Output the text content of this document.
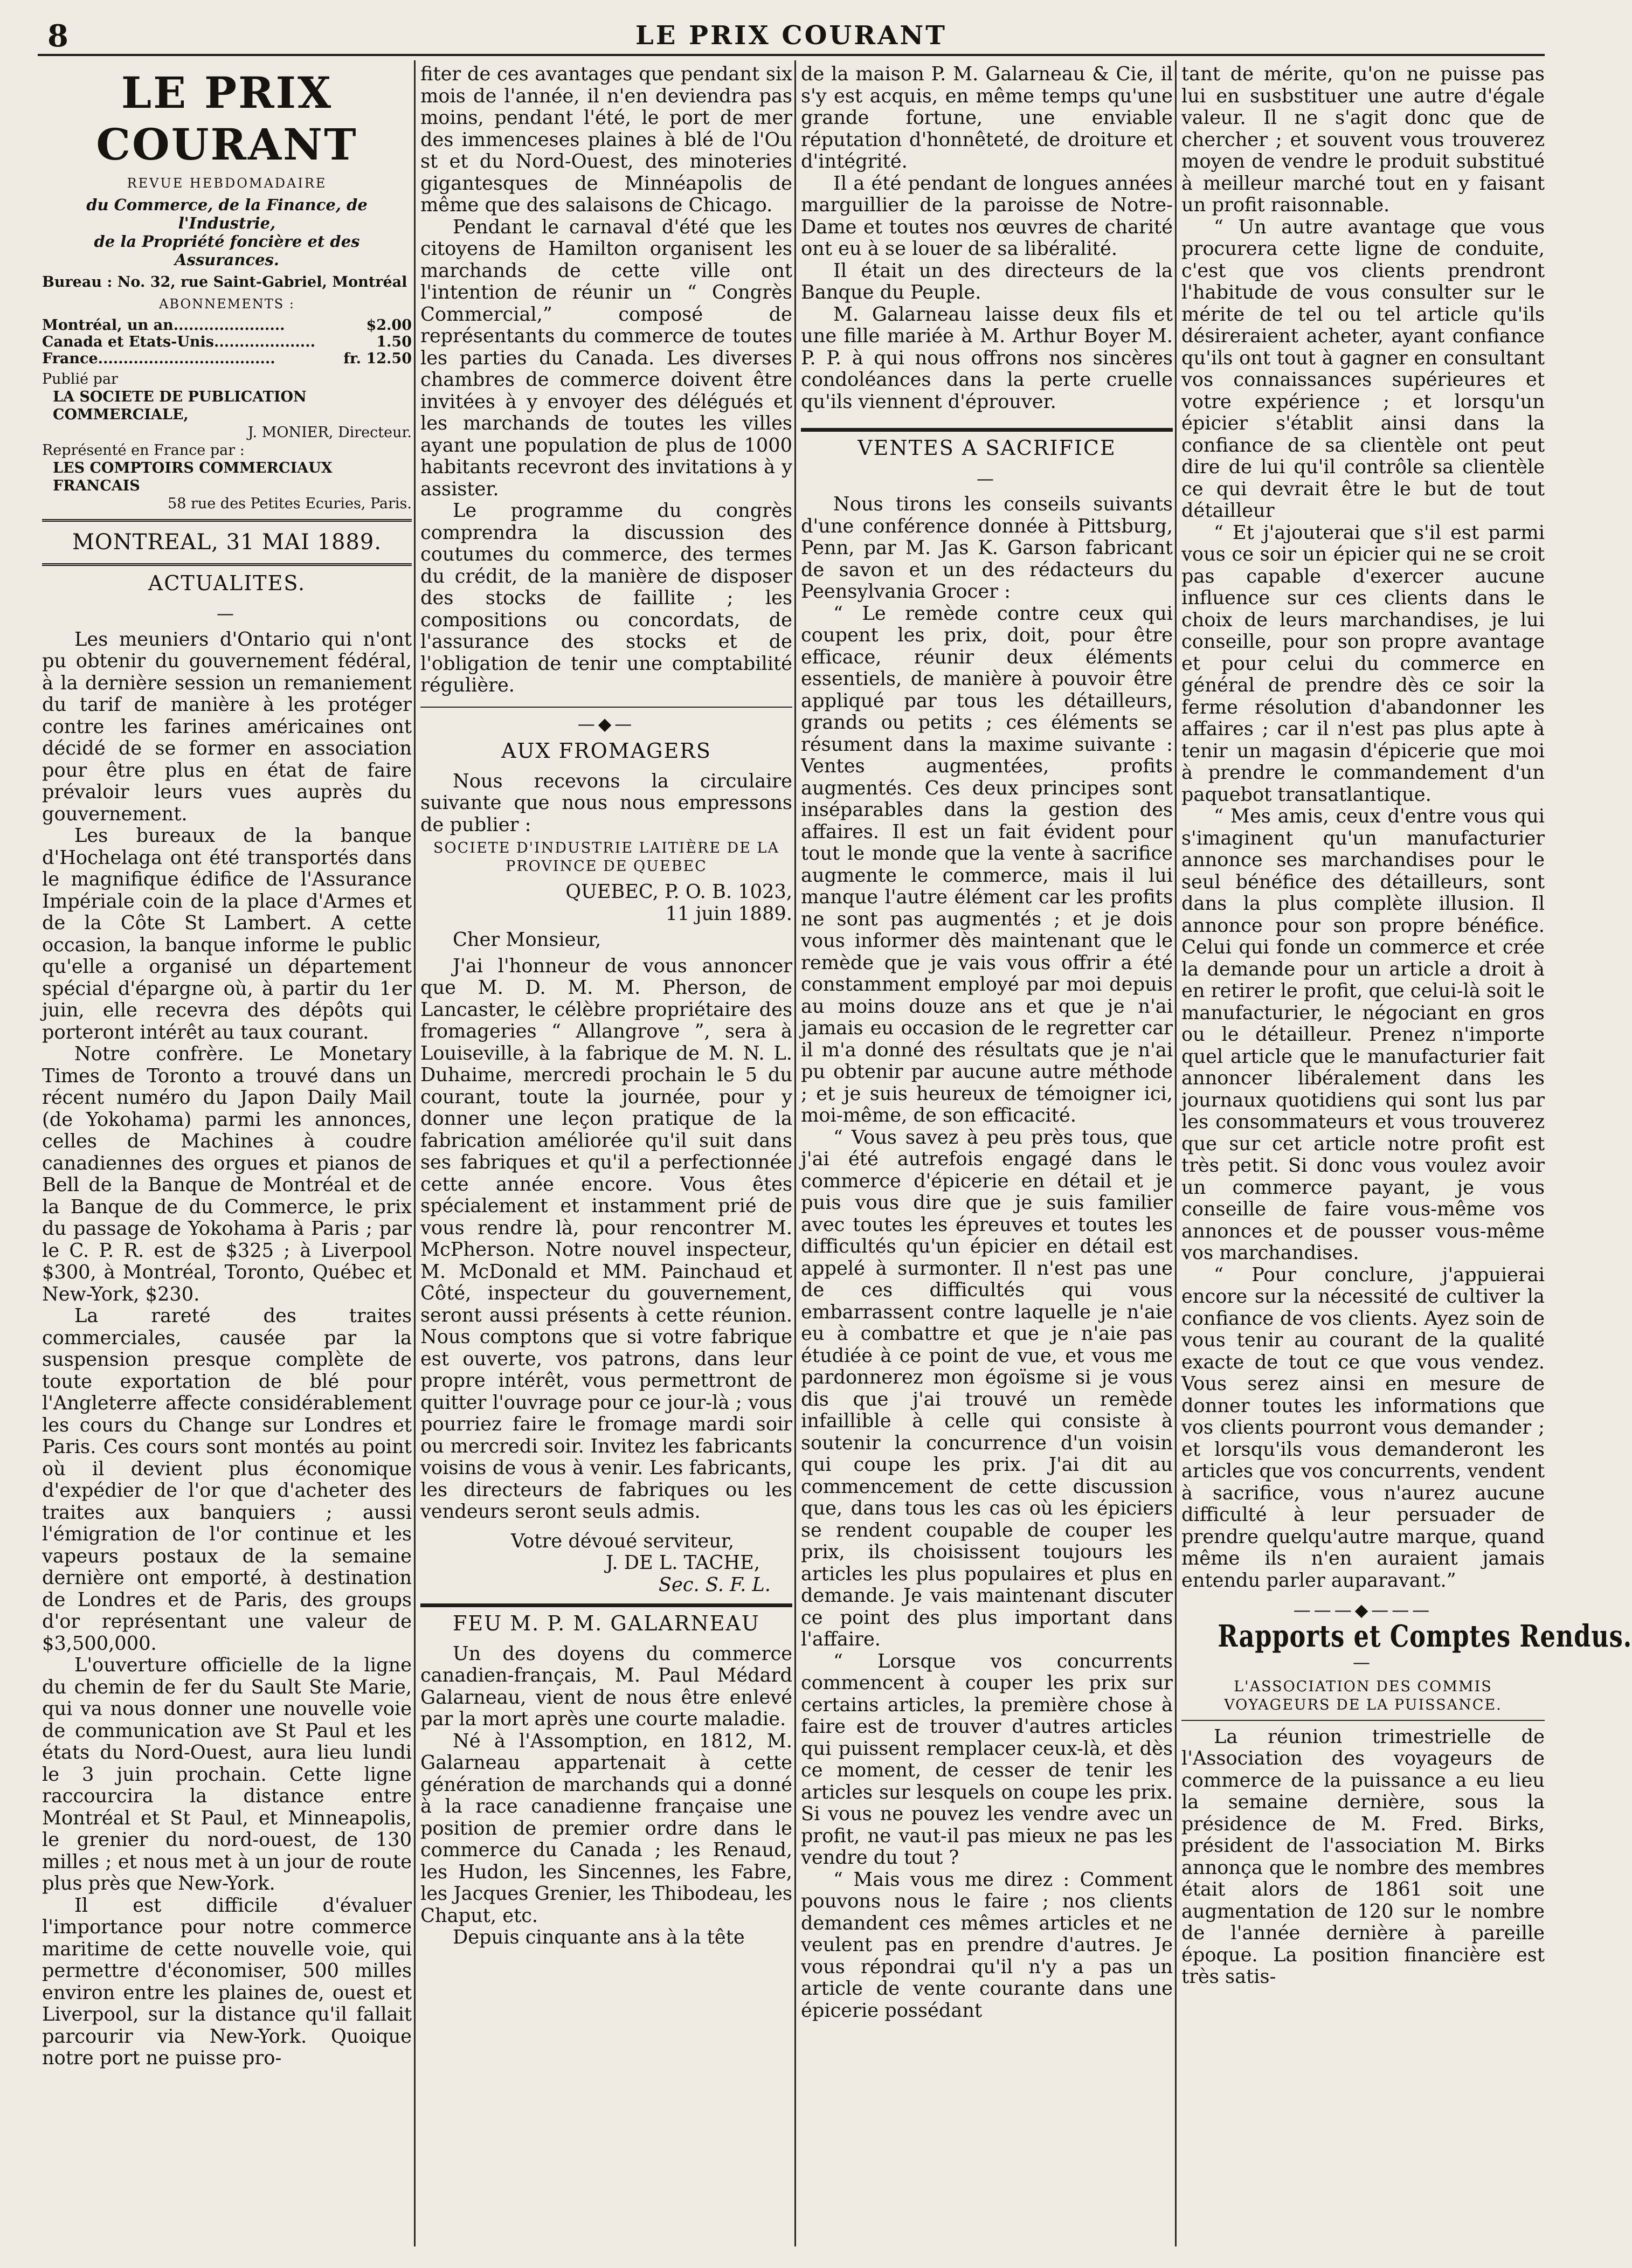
8	LE PRIX COURANT
LE PRIX COURANT
REVUE HEBDOMADAIRE
du Commerce, de la Finance, de l'Industrie,
de la Propriété foncière et des Assurances.

Bureau : No. 32, rue Saint-Gabriel, Montréal

ABONNEMENTS :
Montréal, un an......................	$2.00
Canada et Etats-Unis....................	1.50
France...................................	fr. 12.50

Publié par

LA SOCIETE DE PUBLICATION COMMERCIALE,

J. MONIER, Directeur.

Représenté en France par :

LES COMPTOIRS COMMERCIAUX FRANCAIS

58 rue des Petites Ecuries, Paris.

MONTREAL, 31 MAI 1889.
ACTUALITES.
—

Les meuniers d'Ontario qui n'ont pu obtenir du gouvernement fédéral, à la dernière session un remaniement du tarif de manière à les protéger contre les farines américaines ont décidé de se former en association pour être plus en état de faire prévaloir leurs vues auprès du gouvernement.

Les bureaux de la banque d'Hochelaga ont été transportés dans le magnifique édifice de l'Assurance Impériale coin de la place d'Armes et de la Côte St Lambert. A cette occasion, la banque informe le public qu'elle a organisé un département spécial d'épargne où, à partir du 1er juin, elle recevra des dépôts qui porteront intérêt au taux courant.

Notre confrère. Le Monetary Times de Toronto a trouvé dans un récent numéro du Japon Daily Mail (de Yokohama) parmi les annonces, celles de Machines à coudre canadiennes des orgues et pianos de Bell de la Banque de Montréal et de la Banque de du Commerce, le prix du passage de Yokohama à Paris ; par le C. P. R. est de $325 ; à Liverpool $300, à Montréal, Toronto, Québec et New-York, $230.

La rareté des traites commerciales, causée par la suspension presque complète de toute exportation de blé pour l'Angleterre affecte considérablement les cours du Change sur Londres et Paris. Ces cours sont montés au point où il devient plus économique d'expédier de l'or que d'acheter des traites aux banquiers ; aussi l'émigration de l'or continue et les vapeurs postaux de la semaine dernière ont emporté, à destination de Londres et de Paris, des groups d'or représentant une valeur de $3,500,000.

L'ouverture officielle de la ligne du chemin de fer du Sault Ste Marie, qui va nous donner une nouvelle voie de communication ave St Paul et les états du Nord-Ouest, aura lieu lundi le 3 juin prochain. Cette ligne raccourcira la distance entre Montréal et St Paul, et Minneapolis, le grenier du nord-ouest, de 130 milles ; et nous met à un jour de route plus près que New-York.

Il est difficile d'évaluer l'importance pour notre commerce maritime de cette nouvelle voie, qui permettre d'économiser, 500 milles environ entre les plaines de, ouest et Liverpool, sur la distance qu'il fallait parcourir via New-York. Quoique notre port ne puisse pro-

fiter de ces avantages que pendant six mois de l'année, il n'en deviendra pas moins, pendant l'été, le port de mer des immenceses plaines à blé de l'Ou st et du Nord-Ouest, des minoteries gigantesques de Minnéapolis de même que des salaisons de Chicago.

Pendant le carnaval d'été que les citoyens de Hamilton organisent les marchands de cette ville ont l'intention de réunir un “ Congrès Commercial,” composé de représentants du commerce de toutes les parties du Canada. Les diverses chambres de commerce doivent être invitées à y envoyer des délégués et les marchands de toutes les villes ayant une population de plus de 1000 habitants recevront des invitations à y assister.

Le programme du congrès comprendra la discussion des coutumes du commerce, des termes du crédit, de la manière de disposer des stocks de faillite ; les compositions ou concordats, de l'assurance des stocks et de l'obligation de tenir une comptabilité régulière.

—◆—
AUX FROMAGERS

Nous recevons la circulaire suivante que nous nous empressons de publier :

SOCIETE D'INDUSTRIE LAITIÈRE DE LA PROVINCE DE QUEBEC

QUEBEC, P. O. B. 1023,

11 juin 1889.

Cher Monsieur,

J'ai l'honneur de vous annoncer que M. D. M. M. Pherson, de Lancaster, le célèbre propriétaire des fromageries “ Allangrove ”, sera à Louiseville, à la fabrique de M. N. L. Duhaime, mercredi prochain le 5 du courant, toute la journée, pour y donner une leçon pratique de la fabrication améliorée qu'il suit dans ses fabriques et qu'il a perfectionnée cette année encore. Vous êtes spécialement et instamment prié de vous rendre là, pour rencontrer M. McPherson. Notre nouvel inspecteur, M. McDonald et MM. Painchaud et Côté, inspecteur du gouvernement, seront aussi présents à cette réunion. Nous comptons que si votre fabrique est ouverte, vos patrons, dans leur propre intérêt, vous permettront de quitter l'ouvrage pour ce jour-là ; vous pourriez faire le fromage mardi soir ou mercredi soir. Invitez les fabricants voisins de vous à venir. Les fabricants, les directeurs de fabriques ou les vendeurs seront seuls admis.

Votre dévoué serviteur,

J. DE L. TACHE,

Sec. S. F. L.

FEU M. P. M. GALARNEAU

Un des doyens du commerce canadien-français, M. Paul Médard Galarneau, vient de nous être enlevé par la mort après une courte maladie.

Né à l'Assomption, en 1812, M. Galarneau appartenait à cette génération de marchands qui a donné à la race canadienne française une position de premier ordre dans le commerce du Canada ; les Renaud, les Hudon, les Sincennes, les Fabre, les Jacques Grenier, les Thibodeau, les Chaput, etc.

Depuis cinquante ans à la tête

de la maison P. M. Galarneau & Cie, il s'y est acquis, en même temps qu'une grande fortune, une enviable réputation d'honnêteté, de droiture et d'intégrité.

Il a été pendant de longues années marguillier de la paroisse de Notre-Dame et toutes nos œuvres de charité ont eu à se louer de sa libéralité.

Il était un des directeurs de la Banque du Peuple.

M. Galarneau laisse deux fils et une fille mariée à M. Arthur Boyer M. P. P. à qui nous offrons nos sincères condoléances dans la perte cruelle qu'ils viennent d'éprouver.

VENTES A SACRIFICE
—

Nous tirons les conseils suivants d'une conférence donnée à Pittsburg, Penn, par M. Jas K. Garson fabricant de savon et un des rédacteurs du Peensylvania Grocer :

“ Le remède contre ceux qui coupent les prix, doit, pour être efficace, réunir deux éléments essentiels, de manière à pouvoir être appliqué par tous les détailleurs, grands ou petits ; ces éléments se résument dans la maxime suivante : Ventes augmentées, profits augmentés. Ces deux principes sont inséparables dans la gestion des affaires. Il est un fait évident pour tout le monde que la vente à sacrifice augmente le commerce, mais il lui manque l'autre élément car les profits ne sont pas augmentés ; et je dois vous informer dès maintenant que le remède que je vais vous offrir a été constamment employé par moi depuis au moins douze ans et que je n'ai jamais eu occasion de le regretter car il m'a donné des résultats que je n'ai pu obtenir par aucune autre méthode ; et je suis heureux de témoigner ici, moi-même, de son efficacité.

“ Vous savez à peu près tous, que j'ai été autrefois engagé dans le commerce d'épicerie en détail et je puis vous dire que je suis familier avec toutes les épreuves et toutes les difficultés qu'un épicier en détail est appelé à surmonter. Il n'est pas une de ces difficultés qui vous embarrassent contre laquelle je n'aie eu à combattre et que je n'aie pas étudiée à ce point de vue, et vous me pardonnerez mon égoïsme si je vous dis que j'ai trouvé un remède infaillible à celle qui consiste à soutenir la concurrence d'un voisin qui coupe les prix. J'ai dit au commencement de cette discussion que, dans tous les cas où les épiciers se rendent coupable de couper les prix, ils choisissent toujours les articles les plus populaires et plus en demande. Je vais maintenant discuter ce point des plus important dans l'affaire.

“ Lorsque vos concurrents commencent à couper les prix sur certains articles, la première chose à faire est de trouver d'autres articles qui puissent remplacer ceux-là, et dès ce moment, de cesser de tenir les articles sur lesquels on coupe les prix. Si vous ne pouvez les vendre avec un profit, ne vaut-il pas mieux ne pas les vendre du tout ?

“ Mais vous me direz : Comment pouvons nous le faire ; nos clients demandent ces mêmes articles et ne veulent pas en prendre d'autres. Je vous répondrai qu'il n'y a pas un article de vente courante dans une épicerie possédant

tant de mérite, qu'on ne puisse pas lui en susbstituer une autre d'égale valeur. Il ne s'agit donc que de chercher ; et souvent vous trouverez moyen de vendre le produit substitué à meilleur marché tout en y faisant un profit raisonnable.

“ Un autre avantage que vous procurera cette ligne de conduite, c'est que vos clients prendront l'habitude de vous consulter sur le mérite de tel ou tel article qu'ils désireraient acheter, ayant confiance qu'ils ont tout à gagner en consultant vos connaissances supérieures et votre expérience ; et lorsqu'un épicier s'établit ainsi dans la confiance de sa clientèle ont peut dire de lui qu'il contrôle sa clientèle ce qui devrait être le but de tout détailleur

“ Et j'ajouterai que s'il est parmi vous ce soir un épicier qui ne se croit pas capable d'exercer aucune influence sur ces clients dans le choix de leurs marchandises, je lui conseille, pour son propre avantage et pour celui du commerce en général de prendre dès ce soir la ferme résolution d'abandonner les affaires ; car il n'est pas plus apte à tenir un magasin d'épicerie que moi à prendre le commandement d'un paquebot transatlantique.

“ Mes amis, ceux d'entre vous qui s'imaginent qu'un manufacturier annonce ses marchandises pour le seul bénéfice des détailleurs, sont dans la plus complète illusion. Il annonce pour son propre bénéfice. Celui qui fonde un commerce et crée la demande pour un article a droit à en retirer le profit, que celui-là soit le manufacturier, le négociant en gros ou le détailleur. Prenez n'importe quel article que le manufacturier fait annoncer libéralement dans les journaux quotidiens qui sont lus par les consommateurs et vous trouverez que sur cet article notre profit est très petit. Si donc vous voulez avoir un commerce payant, je vous conseille de faire vous-même vos annonces et de pousser vous-même vos marchandises.

“ Pour conclure, j'appuierai encore sur la nécessité de cultiver la confiance de vos clients. Ayez soin de vous tenir au courant de la qualité exacte de tout ce que vous vendez. Vous serez ainsi en mesure de donner toutes les informations que vos clients pourront vous demander ; et lorsqu'ils vous demanderont les articles que vos concurrents, vendent à sacrifice, vous n'aurez aucune difficulté à leur persuader de prendre quelqu'autre marque, quand même ils n'en auraient jamais entendu parler auparavant.”

———◆———
Rapports et Comptes Rendus.
—
L'ASSOCIATION DES COMMIS VOYAGEURS DE LA PUISSANCE.

La réunion trimestrielle de l'Association des voyageurs de commerce de la puissance a eu lieu la semaine dernière, sous la présidence de M. Fred. Birks, président de l'association M. Birks annonça que le nombre des membres était alors de 1861 soit une augmentation de 120 sur le nombre de l'année dernière à pareille époque. La position financière est très satis-
